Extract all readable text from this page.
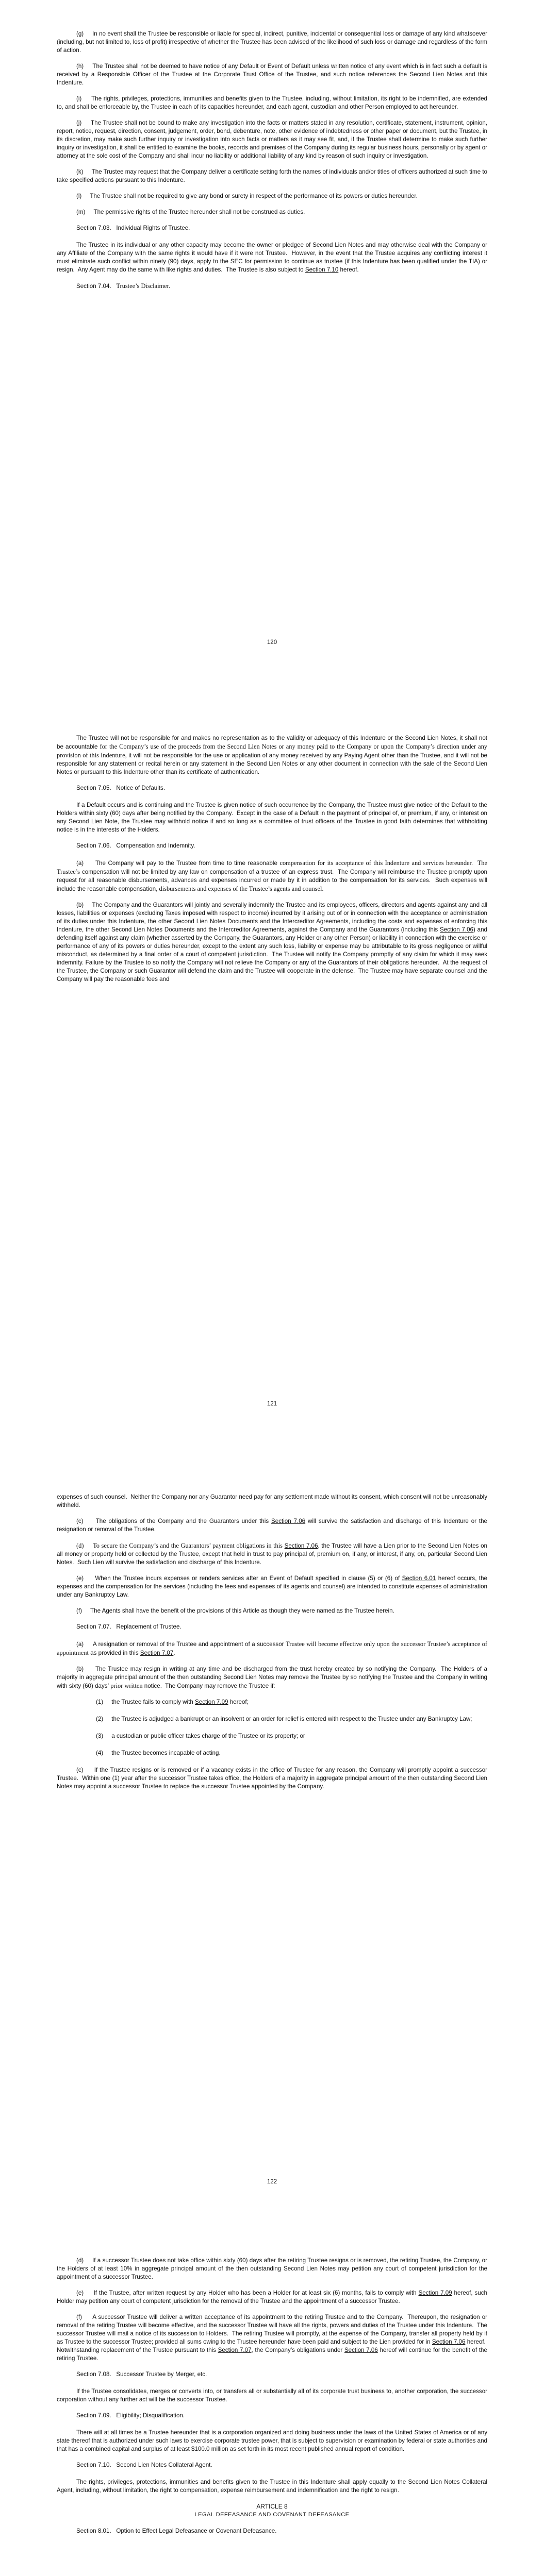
(g)     In no event shall the Trustee be responsible or liable for special, indirect, punitive, incidental or consequential loss or damage of any kind whatsoever (including, but not limited to, loss of profit) irrespective of whether the Trustee has been advised of the likelihood of such loss or damage and regardless of the form of action.

(h)     The Trustee shall not be deemed to have notice of any Default or Event of Default unless written notice of any event which is in fact such a default is received by a Responsible Officer of the Trustee at the Corporate Trust Office of the Trustee, and such notice references the Second Lien Notes and this Indenture.

(i)     The rights, privileges, protections, immunities and benefits given to the Trustee, including, without limitation, its right to be indemnified, are extended to, and shall be enforceable by, the Trustee in each of its capacities hereunder, and each agent, custodian and other Person employed to act hereunder.

(j)     The Trustee shall not be bound to make any investigation into the facts or matters stated in any resolution, certificate, statement, instrument, opinion, report, notice, request, direction, consent, judgement, order, bond, debenture, note, other evidence of indebtedness or other paper or document, but the Trustee, in its discretion, may make such further inquiry or investigation into such facts or matters as it may see fit, and, if the Trustee shall determine to make such further inquiry or investigation, it shall be entitled to examine the books, records and premises of the Company during its regular business hours, personally or by agent or attorney at the sole cost of the Company and shall incur no liability or additional liability of any kind by reason of such inquiry or investigation.

(k)     The Trustee may request that the Company deliver a certificate setting forth the names of individuals and/or titles of officers authorized at such time to take specified actions pursuant to this Indenture.

(l)     The Trustee shall not be required to give any bond or surety in respect of the performance of its powers or duties hereunder.

(m)     The permissive rights of the Trustee hereunder shall not be construed as duties.

Section 7.03.   Individual Rights of Trustee.

The Trustee in its individual or any other capacity may become the owner or pledgee of Second Lien Notes and may otherwise deal with the Company or any Affiliate of the Company with the same rights it would have if it were not Trustee.  However, in the event that the Trustee acquires any conflicting interest it must eliminate such conflict within ninety (90) days, apply to the SEC for permission to continue as trustee (if this Indenture has been qualified under the TIA) or resign.  Any Agent may do the same with like rights and duties.  The Trustee is also subject to Section 7.10 hereof.

Section 7.04. Trustee’s Disclaimer.

120

The Trustee will not be responsible for and makes no representation as to the validity or adequacy of this Indenture or the Second Lien Notes, it shall not be accountable for the Company’s use of the proceeds from the Second Lien Notes or any money paid to the Company or upon the Company’s direction under any provision of this Indenture, it will not be responsible for the use or application of any money received by any Paying Agent other than the Trustee, and it will not be responsible for any statement or recital herein or any statement in the Second Lien Notes or any other document in connection with the sale of the Second Lien Notes or pursuant to this Indenture other than its certificate of authentication.

Section 7.05.   Notice of Defaults.

If a Default occurs and is continuing and the Trustee is given notice of such occurrence by the Company, the Trustee must give notice of the Default to the Holders within sixty (60) days after being notified by the Company.  Except in the case of a Default in the payment of principal of, or premium, if any, or interest on any Second Lien Note, the Trustee may withhold notice if and so long as a committee of trust officers of the Trustee in good faith determines that withholding notice is in the interests of the Holders.

Section 7.06.   Compensation and Indemnity.

(a)     The Company will pay to the Trustee from time to time reasonable compensation for its acceptance of this Indenture and services hereunder.  The Trustee’s compensation will not be limited by any law on compensation of a trustee of an express trust.  The Company will reimburse the Trustee promptly upon request for all reasonable disbursements, advances and expenses incurred or made by it in addition to the compensation for its services.  Such expenses will include the reasonable compensation, disbursements and expenses of the Trustee’s agents and counsel.

(b)     The Company and the Guarantors will jointly and severally indemnify the Trustee and its employees, officers, directors and agents against any and all losses, liabilities or expenses (excluding Taxes imposed with respect to income) incurred by it arising out of or in connection with the acceptance or administration of its duties under this Indenture, the other Second Lien Notes Documents and the Intercreditor Agreements, including the costs and expenses of enforcing this Indenture, the other Second Lien Notes Documents and the Intercreditor Agreements, against the Company and the Guarantors (including this Section 7.06) and defending itself against any claim (whether asserted by the Company, the Guarantors, any Holder or any other Person) or liability in connection with the exercise or performance of any of its powers or duties hereunder, except to the extent any such loss, liability or expense may be attributable to its gross negligence or willful misconduct, as determined by a final order of a court of competent jurisdiction.  The Trustee will notify the Company promptly of any claim for which it may seek indemnity. Failure by the Trustee to so notify the Company will not relieve the Company or any of the Guarantors of their obligations hereunder.  At the request of the Trustee, the Company or such Guarantor will defend the claim and the Trustee will cooperate in the defense.  The Trustee may have separate counsel and the Company will pay the reasonable fees and

121

expenses of such counsel.  Neither the Company nor any Guarantor need pay for any settlement made without its consent, which consent will not be unreasonably withheld.

(c)     The obligations of the Company and the Guarantors under this Section 7.06 will survive the satisfaction and discharge of this Indenture or the resignation or removal of the Trustee.

(d)     To secure the Company’s and the Guarantors’ payment obligations in this Section 7.06, the Trustee will have a Lien prior to the Second Lien Notes on all money or property held or collected by the Trustee, except that held in trust to pay principal of, premium on, if any, or interest, if any, on, particular Second Lien Notes.  Such Lien will survive the satisfaction and discharge of this Indenture.

(e)     When the Trustee incurs expenses or renders services after an Event of Default specified in clause (5) or (6) of Section 6.01 hereof occurs, the expenses and the compensation for the services (including the fees and expenses of its agents and counsel) are intended to constitute expenses of administration under any Bankruptcy Law.

(f)     The Agents shall have the benefit of the provisions of this Article as though they were named as the Trustee herein.

Section 7.07.   Replacement of Trustee.

(a)     A resignation or removal of the Trustee and appointment of a successor Trustee will become effective only upon the successor Trustee’s acceptance of appointment as provided in this Section 7.07.

(b)     The Trustee may resign in writing at any time and be discharged from the trust hereby created by so notifying the Company.  The Holders of a majority in aggregate principal amount of the then outstanding Second Lien Notes may remove the Trustee by so notifying the Trustee and the Company in writing with sixty (60) days’ prior written notice.  The Company may remove the Trustee if:

(1)     the Trustee fails to comply with Section 7.09 hereof;

(2)     the Trustee is adjudged a bankrupt or an insolvent or an order for relief is entered with respect to the Trustee under any Bankruptcy Law;

(3)     a custodian or public officer takes charge of the Trustee or its property; or

(4)     the Trustee becomes incapable of acting.

(c)     If the Trustee resigns or is removed or if a vacancy exists in the office of Trustee for any reason, the Company will promptly appoint a successor Trustee.  Within one (1) year after the successor Trustee takes office, the Holders of a majority in aggregate principal amount of the then outstanding Second Lien Notes may appoint a successor Trustee to replace the successor Trustee appointed by the Company.

122

(d)     If a successor Trustee does not take office within sixty (60) days after the retiring Trustee resigns or is removed, the retiring Trustee, the Company, or the Holders of at least 10% in aggregate principal amount of the then outstanding Second Lien Notes may petition any court of competent jurisdiction for the appointment of a successor Trustee.

(e)     If the Trustee, after written request by any Holder who has been a Holder for at least six (6) months, fails to comply with Section 7.09 hereof, such Holder may petition any court of competent jurisdiction for the removal of the Trustee and the appointment of a successor Trustee.

(f)     A successor Trustee will deliver a written acceptance of its appointment to the retiring Trustee and to the Company.  Thereupon, the resignation or removal of the retiring Trustee will become effective, and the successor Trustee will have all the rights, powers and duties of the Trustee under this Indenture.  The successor Trustee will mail a notice of its succession to Holders.  The retiring Trustee will promptly, at the expense of the Company, transfer all property held by it as Trustee to the successor Trustee; provided all sums owing to the Trustee hereunder have been paid and subject to the Lien provided for in Section 7.06 hereof.  Notwithstanding replacement of the Trustee pursuant to this Section 7.07, the Company’s obligations under Section 7.06 hereof will continue for the benefit of the retiring Trustee.

Section 7.08.   Successor Trustee by Merger, etc.

If the Trustee consolidates, merges or converts into, or transfers all or substantially all of its corporate trust business to, another corporation, the successor corporation without any further act will be the successor Trustee.

Section 7.09.   Eligibility; Disqualification.

There will at all times be a Trustee hereunder that is a corporation organized and doing business under the laws of the United States of America or of any state thereof that is authorized under such laws to exercise corporate trustee power, that is subject to supervision or examination by federal or state authorities and that has a combined capital and surplus of at least $100.0 million as set forth in its most recent published annual report of condition.

Section 7.10.   Second Lien Notes Collateral Agent.

The rights, privileges, protections, immunities and benefits given to the Trustee in this Indenture shall apply equally to the Second Lien Notes Collateral Agent, including, without limitation, the right to compensation, expense reimbursement and indemnification and the right to resign.

ARTICLE 8

LEGAL DEFEASANCE AND COVENANT DEFEASANCE

Section 8.01.   Option to Effect Legal Defeasance or Covenant Defeasance.
